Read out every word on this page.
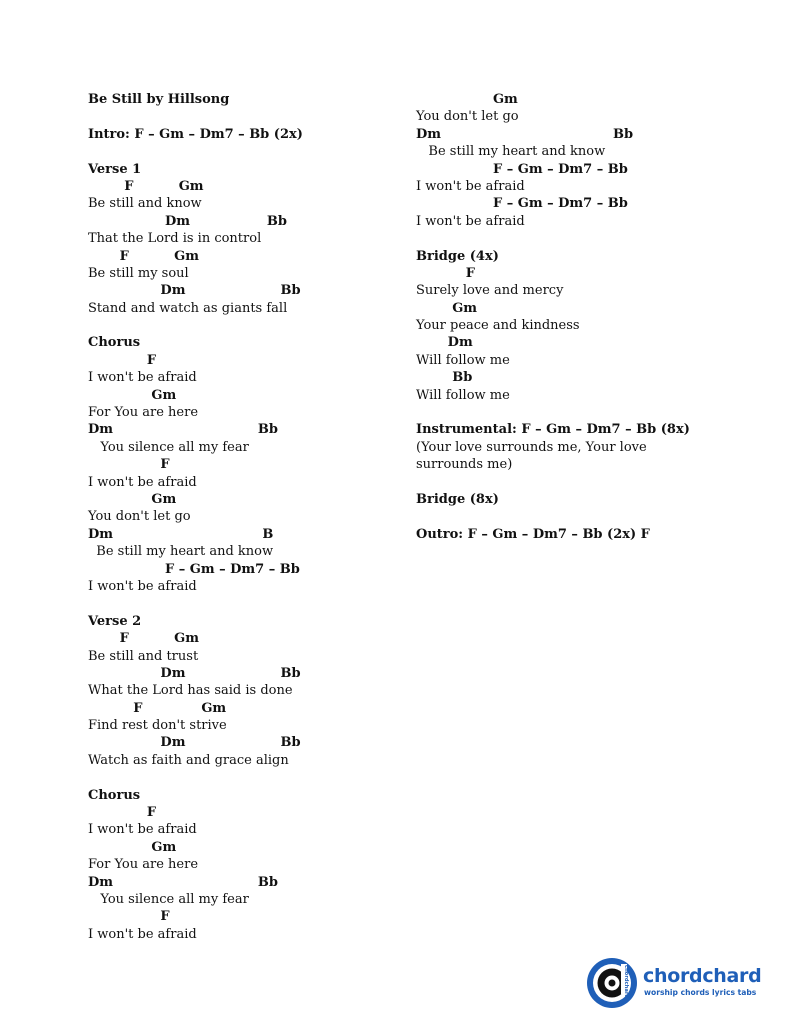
Be Still by Hillsong
Intro: F – Gm – Dm7 – Bb (2x)
Verse 1
F          Gm
Be still and know
Dm                 Bb
That the Lord is in control
F          Gm
Be still my soul
Dm                     Bb
Stand and watch as giants fall
Chorus
F
I won't be afraid
Gm
For You are here
Dm                                Bb
You silence all my fear
F
I won't be afraid
Gm
You don't let go
Dm                                 B
Be still my heart and know
F – Gm – Dm7 – Bb
I won't be afraid
Verse 2
F          Gm
Be still and trust
Dm                     Bb
What the Lord has said is done
F             Gm
Find rest don't strive
Dm                     Bb
Watch as faith and grace align
Chorus
F
I won't be afraid
Gm
For You are here
Dm                                Bb
You silence all my fear
F
I won't be afraid
Gm
You don't let go
Dm                                      Bb
Be still my heart and know
F – Gm – Dm7 – Bb
I won't be afraid
F – Gm – Dm7 – Bb
I won't be afraid
Bridge (4x)
F
Surely love and mercy
Gm
Your peace and kindness
Dm
Will follow me
Bb
Will follow me
Instrumental: F – Gm – Dm7 – Bb (8x)
(Your love surrounds me, Your love
surrounds me)
Bridge (8x)
Outro: F – Gm – Dm7 – Bb (2x) F
chordchard chordchard
worship chords lyrics tabs
